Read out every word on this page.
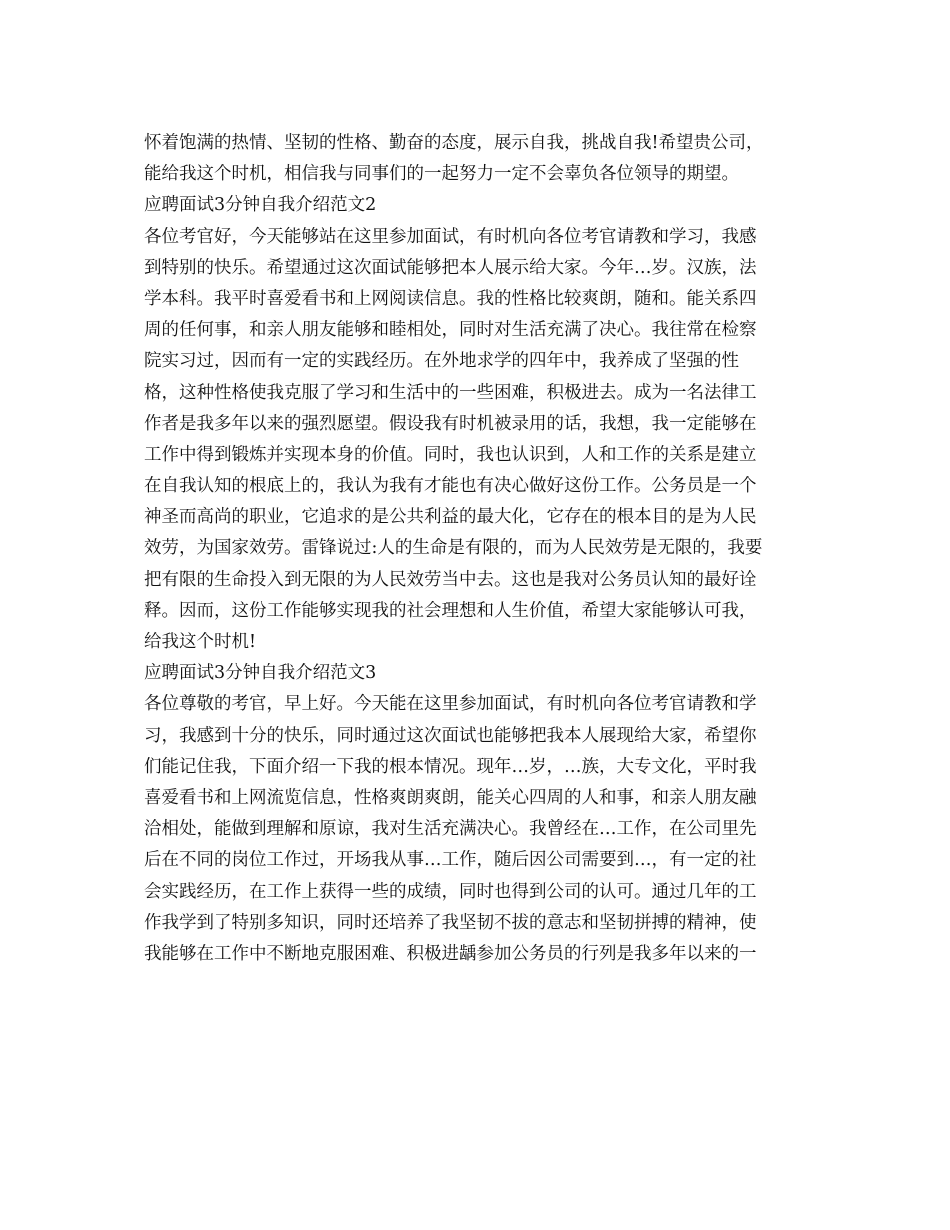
怀着饱满的热情、坚韧的性格、勤奋的态度，展示自我，挑战自我!希望贵公司，
能给我这个时机，相信我与同事们的一起努力一定不会辜负各位领导的期望。
应聘面试3分钟自我介绍范文2
各位考官好，今天能够站在这里参加面试，有时机向各位考官请教和学习，我感
到特别的快乐。希望通过这次面试能够把本人展示给大家。今年…岁。汉族，法
学本科。我平时喜爱看书和上网阅读信息。我的性格比较爽朗，随和。能关系四
周的任何事，和亲人朋友能够和睦相处，同时对生活充满了决心。我往常在检察
院实习过，因而有一定的实践经历。在外地求学的四年中，我养成了坚强的性
格，这种性格使我克服了学习和生活中的一些困难，积极进去。成为一名法律工
作者是我多年以来的强烈愿望。假设我有时机被录用的话，我想，我一定能够在
工作中得到锻炼并实现本身的价值。同时，我也认识到，人和工作的关系是建立
在自我认知的根底上的，我认为我有才能也有决心做好这份工作。公务员是一个
神圣而高尚的职业，它追求的是公共利益的最大化，它存在的根本目的是为人民
效劳，为国家效劳。雷锋说过:人的生命是有限的，而为人民效劳是无限的，我要
把有限的生命投入到无限的为人民效劳当中去。这也是我对公务员认知的最好诠
释。因而，这份工作能够实现我的社会理想和人生价值，希望大家能够认可我，
给我这个时机!
应聘面试3分钟自我介绍范文3
各位尊敬的考官，早上好。今天能在这里参加面试，有时机向各位考官请教和学
习，我感到十分的快乐，同时通过这次面试也能够把我本人展现给大家，希望你
们能记住我，下面介绍一下我的根本情况。现年…岁，…族，大专文化，平时我
喜爱看书和上网流览信息，性格爽朗爽朗，能关心四周的人和事，和亲人朋友融
洽相处，能做到理解和原谅，我对生活充满决心。我曾经在…工作，在公司里先
后在不同的岗位工作过，开场我从事…工作，随后因公司需要到…，有一定的社
会实践经历，在工作上获得一些的成绩，同时也得到公司的认可。通过几年的工
作我学到了特别多知识，同时还培养了我坚韧不拔的意志和坚韧拼搏的精神，使
我能够在工作中不断地克服困难、积极进龋参加公务员的行列是我多年以来的一
